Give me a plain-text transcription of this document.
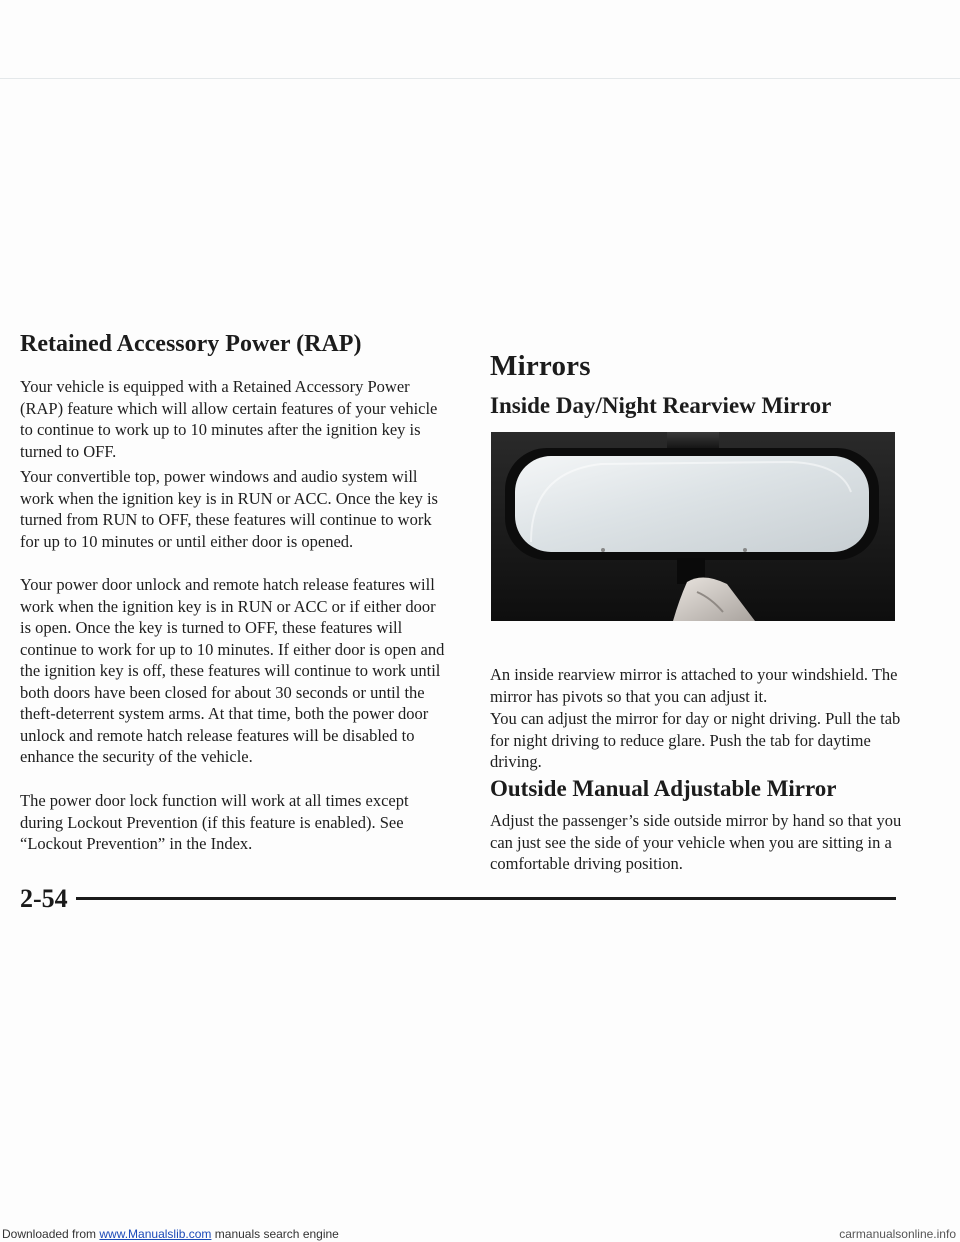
Retained Accessory Power (RAP)

Your vehicle is equipped with a Retained Accessory Power (RAP) feature which will allow certain features of your vehicle to continue to work up to 10 minutes after the ignition key is turned to OFF.

Your convertible top, power windows and audio system will work when the ignition key is in RUN or ACC. Once the key is turned from RUN to OFF, these features will continue to work for up to 10 minutes or until either door is opened.

Your power door unlock and remote hatch release features will work when the ignition key is in RUN or ACC or if either door is open. Once the key is turned to OFF, these features will continue to work for up to 10 minutes. If either door is open and the ignition key is off, these features will continue to work until both doors have been closed for about 30 seconds or until the theft-deterrent system arms. At that time, both the power door unlock and remote hatch release features will be disabled to enhance the security of the vehicle.

The power door lock function will work at all times except during Lockout Prevention (if this feature is enabled). See “Lockout Prevention” in the Index.

Mirrors
Inside Day/Night Rearview Mirror

An inside rearview mirror is attached to your windshield. The mirror has pivots so that you can adjust it.

You can adjust the mirror for day or night driving. Pull the tab for night driving to reduce glare. Push the tab for daytime driving.

Outside Manual Adjustable Mirror

Adjust the passenger’s side outside mirror by hand so that you can just see the side of your vehicle when you are sitting in a comfortable driving position.

2-54
Downloaded from www.Manualslib.com manuals search engine	carmanualsonline.info
